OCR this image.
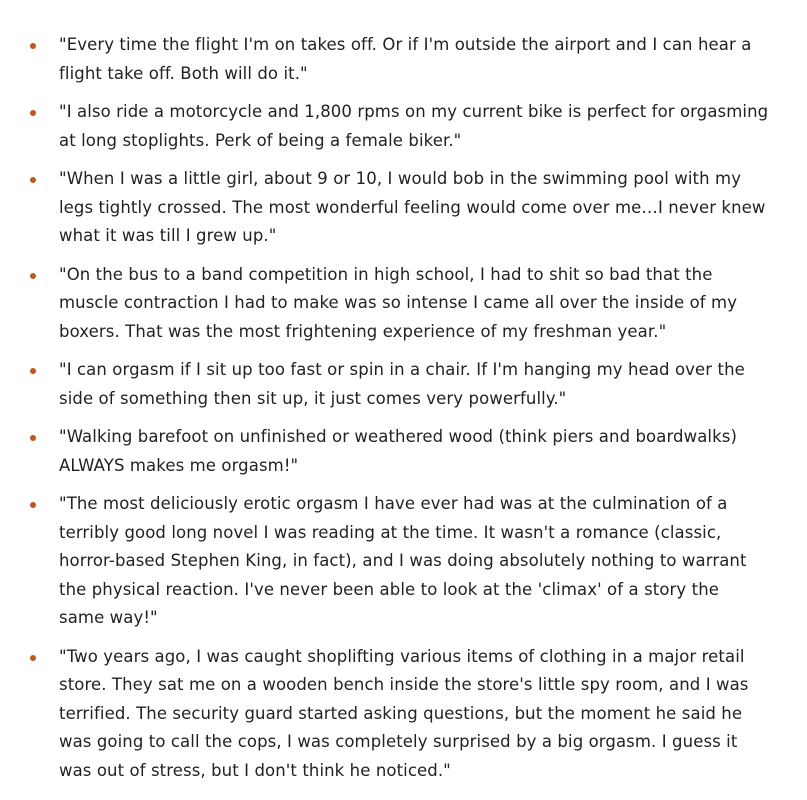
"Every time the flight I'm on takes off. Or if I'm outside the airport and I can hear a flight take off. Both will do it."
"I also ride a motorcycle and 1,800 rpms on my current bike is perfect for orgasming at long stoplights. Perk of being a female biker."
"When I was a little girl, about 9 or 10, I would bob in the swimming pool with my legs tightly crossed. The most wonderful feeling would come over me…I never knew what it was till I grew up."
"On the bus to a band competition in high school, I had to shit so bad that the muscle contraction I had to make was so intense I came all over the inside of my boxers. That was the most frightening experience of my freshman year."
"I can orgasm if I sit up too fast or spin in a chair. If I'm hanging my head over the side of something then sit up, it just comes very powerfully."
"Walking barefoot on unfinished or weathered wood (think piers and boardwalks) ALWAYS makes me orgasm!"
"The most deliciously erotic orgasm I have ever had was at the culmination of a terribly good long novel I was reading at the time. It wasn't a romance (classic, horror-based Stephen King, in fact), and I was doing absolutely nothing to warrant the physical reaction. I've never been able to look at the 'climax' of a story the same way!"
"Two years ago, I was caught shoplifting various items of clothing in a major retail store. They sat me on a wooden bench inside the store's little spy room, and I was terrified. The security guard started asking questions, but the moment he said he was going to call the cops, I was completely surprised by a big orgasm. I guess it was out of stress, but I don't think he noticed."
